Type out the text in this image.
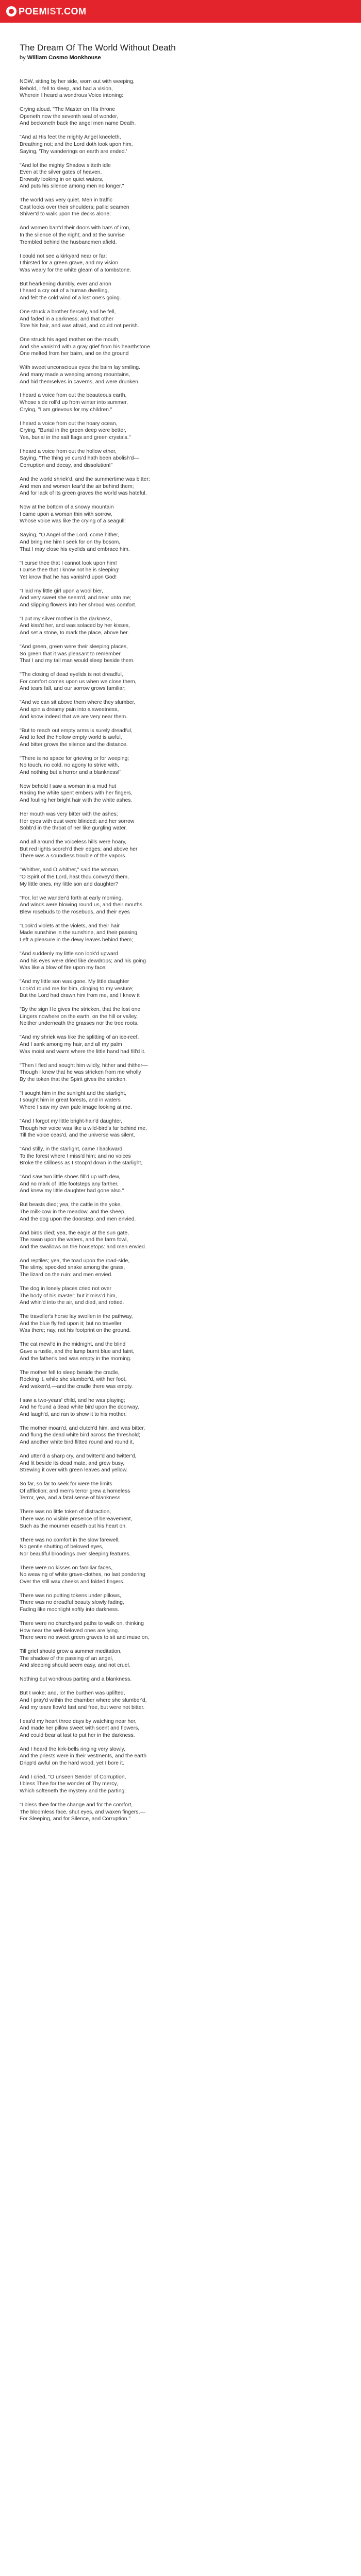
POEMIST.COM
The Dream Of The World Without Death
by William Cosmo Monkhouse

NOW, sitting by her side, worn out with weeping,
Behold, I fell to sleep, and had a vision,
Wherein I heard a wondrous Voice intoning:

Crying aloud, "The Master on His throne
Openeth now the seventh seal of wonder,
And beckoneth back the angel men name Death.

"And at His feet the mighty Angel kneeleth,
Breathing not; and the Lord doth look upon him,
Saying, 'Thy wanderings on earth are ended.'

"And lo! the mighty Shadow sitteth idle
Even at the silver gates of heaven,
Drowsily looking in on quiet waters,
And puts his silence among men no longer."

The world was very quiet. Men in traffic
Cast looks over their shoulders; pallid seamen
Shiver'd to walk upon the decks alone;

And women barr'd their doors with bars of iron,
In the silence of the night; and at the sunrise
Trembled behind the husbandmen afield.

I could not see a kirkyard near or far;
I thirsted for a green grave, and my vision
Was weary for the white gleam of a tombstone.

But hearkening dumbly, ever and anon
I heard a cry out of a human dwelling,
And felt the cold wind of a lost one's going.

One struck a brother fiercely, and he fell,
And faded in a darkness; and that other
Tore his hair, and was afraid, and could not perish.

One struck his aged mother on the mouth,
And she vanish'd with a gray grief from his hearthstone.
One melted from her bairn, and on the ground

With sweet unconscious eyes the bairn lay smiling.
And many made a weeping among mountains,
And hid themselves in caverns, and were drunken.

I heard a voice from out the beauteous earth,
Whose side roll'd up from winter into summer,
Crying, "I am grievous for my children."

I heard a voice from out the hoary ocean,
Crying, "Burial in the green deep were better,
Yea, burial in the salt flags and green crystals."

I heard a voice from out the hollow ether,
Saying, "The thing ye curs'd hath been abolish'd—
Corruption and decay, and dissolution!"

And the world shriek'd, and the summertime was bitter;
And men and women fear'd the air behind them;
And for lack of its green graves the world was hateful.

Now at the bottom of a snowy mountain
I came upon a woman thin with sorrow,
Whose voice was like the crying of a seagull:

Saying, "O Angel of the Lord, come hither,
And bring me him I seek for on thy bosom,
That I may close his eyelids and embrace him.

"I curse thee that I cannot look upon him!
I curse thee that I know not he is sleeping!
Yet know that he has vanish'd upon God!

"I laid my little girl upon a wool bier,
And very sweet she seem'd, and near unto me;
And slipping flowers into her shroud was comfort.

"I put my silver mother in the darkness,
And kiss'd her, and was solaced by her kisses,
And set a stone, to mark the place, above her.

"And green, green were their sleeping places,
So green that it was pleasant to remember
That I and my tall man would sleep beside them.

"The closing of dead eyelids is not dreadful,
For comfort comes upon us when we close them,
And tears fall, and our sorrow grows familiar;

"And we can sit above them where they slumber,
And spin a dreamy pain into a sweetness,
And know indeed that we are very near them.

"But to reach out empty arms is surely dreadful,
And to feel the hollow empty world is awful,
And bitter grows the silence and the distance.

"There is no space for grieving or for weeping;
No touch, no cold, no agony to strive with,
And nothing but a horror and a blankness!"

Now behold I saw a woman in a mud hut
Raking the white spent embers with her fingers,
And fouling her bright hair with the white ashes.

Her mouth was very bitter with the ashes;
Her eyes with dust were blinded; and her sorrow
Sobb'd in the throat of her like gurgling water.

And all around the voiceless hills were hoary,
But red lights scorch'd their edges; and above her
There was a soundless trouble of the vapors.

"Whither, and O whither," said the woman,
"O Spirit of the Lord, hast thou convey'd them,
My little ones, my little son and daughter?

"For, lo! we wander'd forth at early morning,
And winds were blowing round us, and their mouths
Blew rosebuds to the rosebuds, and their eyes

"Look'd violets at the violets, and their hair
Made sunshine in the sunshine, and their passing
Left a pleasure in the dewy leaves behind them;

"And suddenly my little son look'd upward
And his eyes were dried like dewdrops; and his going
Was like a blow of fire upon my face;

"And my little son was gone. My little daughter
Look'd round me for him, clinging to my vesture;
But the Lord had drawn him from me, and I knew it

"By the sign He gives the stricken, that the lost one
Lingers nowhere on the earth, on the hill or valley,
Neither underneath the grasses nor the tree roots.

"And my shriek was like the splitting of an ice-reef,
And I sank among my hair, and all my palm
Was moist and warm where the little hand had fill'd it.

"Then I fled and sought him wildly, hither and thither—
Though I knew that he was stricken from me wholly
By the token that the Spirit gives the stricken.

"I sought him in the sunlight and the starlight,
I sought him in great forests, and in waters
Where I saw my own pale image looking at me.

"And I forgot my little bright-hair'd daughter,
Though her voice was like a wild-bird's far behind me,
Till the voice ceas'd, and the universe was silent.

"And stilly, in the starlight, came I backward
To the forest where I miss'd him; and no voices
Broke the stillness as I stoop'd down in the starlight,

"And saw two little shoes fill'd up with dew,
And no mark of little footsteps any farther,
And knew my little daughter had gone also."

But beasts died; yea, the cattle in the yoke,
The milk-cow in the meadow, and the sheep,
And the dog upon the doorstep: and men envied.

And birds died; yea, the eagle at the sun gate,
The swan upon the waters, and the farm fowl,
And the swallows on the housetops: and men envied.

And reptiles; yea, the toad upon the road-side,
The slimy, speckled snake among the grass,
The lizard on the ruin: and men envied.

The dog in lonely places cried not over
The body of his master; but it miss'd him,
And whin'd into the air, and died, and rotted.

The traveller's horse lay swollen in the pathway,
And the blue fly fed upon it; but no traveller
Was there; nay, not his footprint on the ground.

The cat mewl'd in the midnight, and the blind
Gave a rustle, and the lamp burnt blue and faint,
And the father's bed was empty in the morning.

The mother fell to sleep beside the cradle,
Rocking it, while she slumber'd, with her foot,
And waken'd,—and the cradle there was empty.

I saw a two-years' child, and he was playing;
And he found a dead white bird upon the doorway,
And laugh'd, and ran to show it to his mother.

The mother moan'd, and clutch'd him, and was bitter,
And flung the dead white bird across the threshold;
And another white bird flitted round and round it,

And utter'd a sharp cry, and twitter'd and twitter'd,
And lit beside its dead mate, and grew busy,
Strewing it over with green leaves and yellow.

So far, so far to seek for were the limits
Of affliction; and men's terror grew a homeless
Terror, yea, and a fatal sense of blankness.

There was no little token of distraction,
There was no visible presence of bereavement,
Such as the mourner easeth out his heart on.

There was no comfort in the slow farewell,
No gentle shutting of beloved eyes,
Nor beautiful broodings over sleeping features.

There were no kisses on familiar faces,
No weaving of white grave-clothes, no last pondering
Over the still wax cheeks and folded fingers.

There was no putting tokens under pillows,
There was no dreadful beauty slowly fading,
Fading like moonlight softly into darkness.

There were no churchyard paths to walk on, thinking
How near the well-beloved ones are lying.
There were no sweet green graves to sit and muse on,

Till grief should grow a summer meditation,
The shadow of the passing of an angel,
And sleeping should seem easy, and not cruel.

Nothing but wondrous parting and a blankness.

But I woke; and, lo! the burthen was uplifted,
And I pray'd within the chamber where she slumber'd,
And my tears flow'd fast and free, but were not bitter.

I eas'd my heart three days by watching near her,
And made her pillow sweet with scent and flowers,
And could bear at last to put her in the darkness.

And I heard the kirk-bells ringing very slowly,
And the priests were in their vestments, and the earth
Dripp'd awful on the hard wood, yet I bore it.

And I cried, "O unseen Sender of Corruption,
I bless Thee for the wonder of Thy mercy,
Which softeneth the mystery and the parting.

"I bless thee for the change and for the comfort,
The bloomless face, shut eyes, and waxen fingers,—
For Sleeping, and for Silence, and Corruption."
